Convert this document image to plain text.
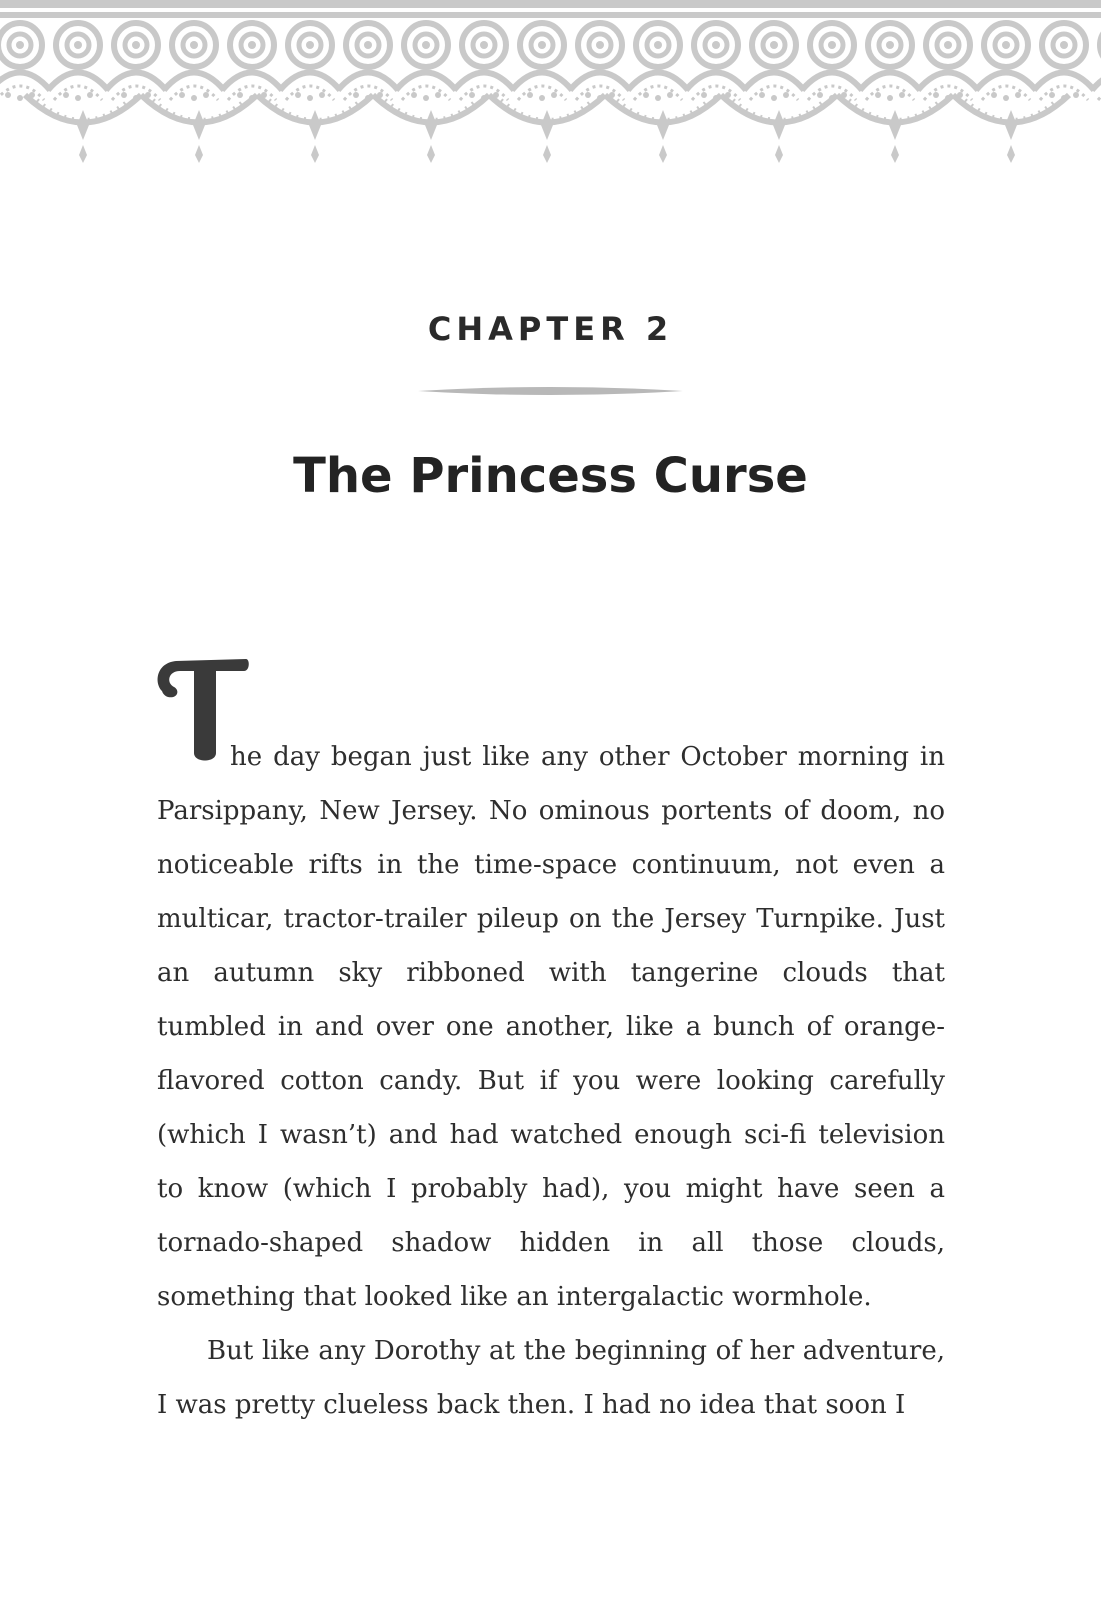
CHAPTER 2
The Princess Curse
T

he day began just like any other October morning in Parsippany, New Jersey. No ominous portents of doom, no noticeable rifts in the time-space continuum, not even a multicar, tractor-trailer pileup on the Jersey Turnpike. Just an autumn sky ribboned with tangerine clouds that tumbled in and over one another, like a bunch of orange-flavored cotton candy. But if you were looking carefully (which I wasn’t) and had watched enough sci-fi television to know (which I probably had), you might have seen a tornado-shaped shadow hidden in all those clouds, something that looked like an intergalactic wormhole.

But like any Dorothy at the beginning of her adventure, I was pretty clueless back then. I had no idea that soon I
